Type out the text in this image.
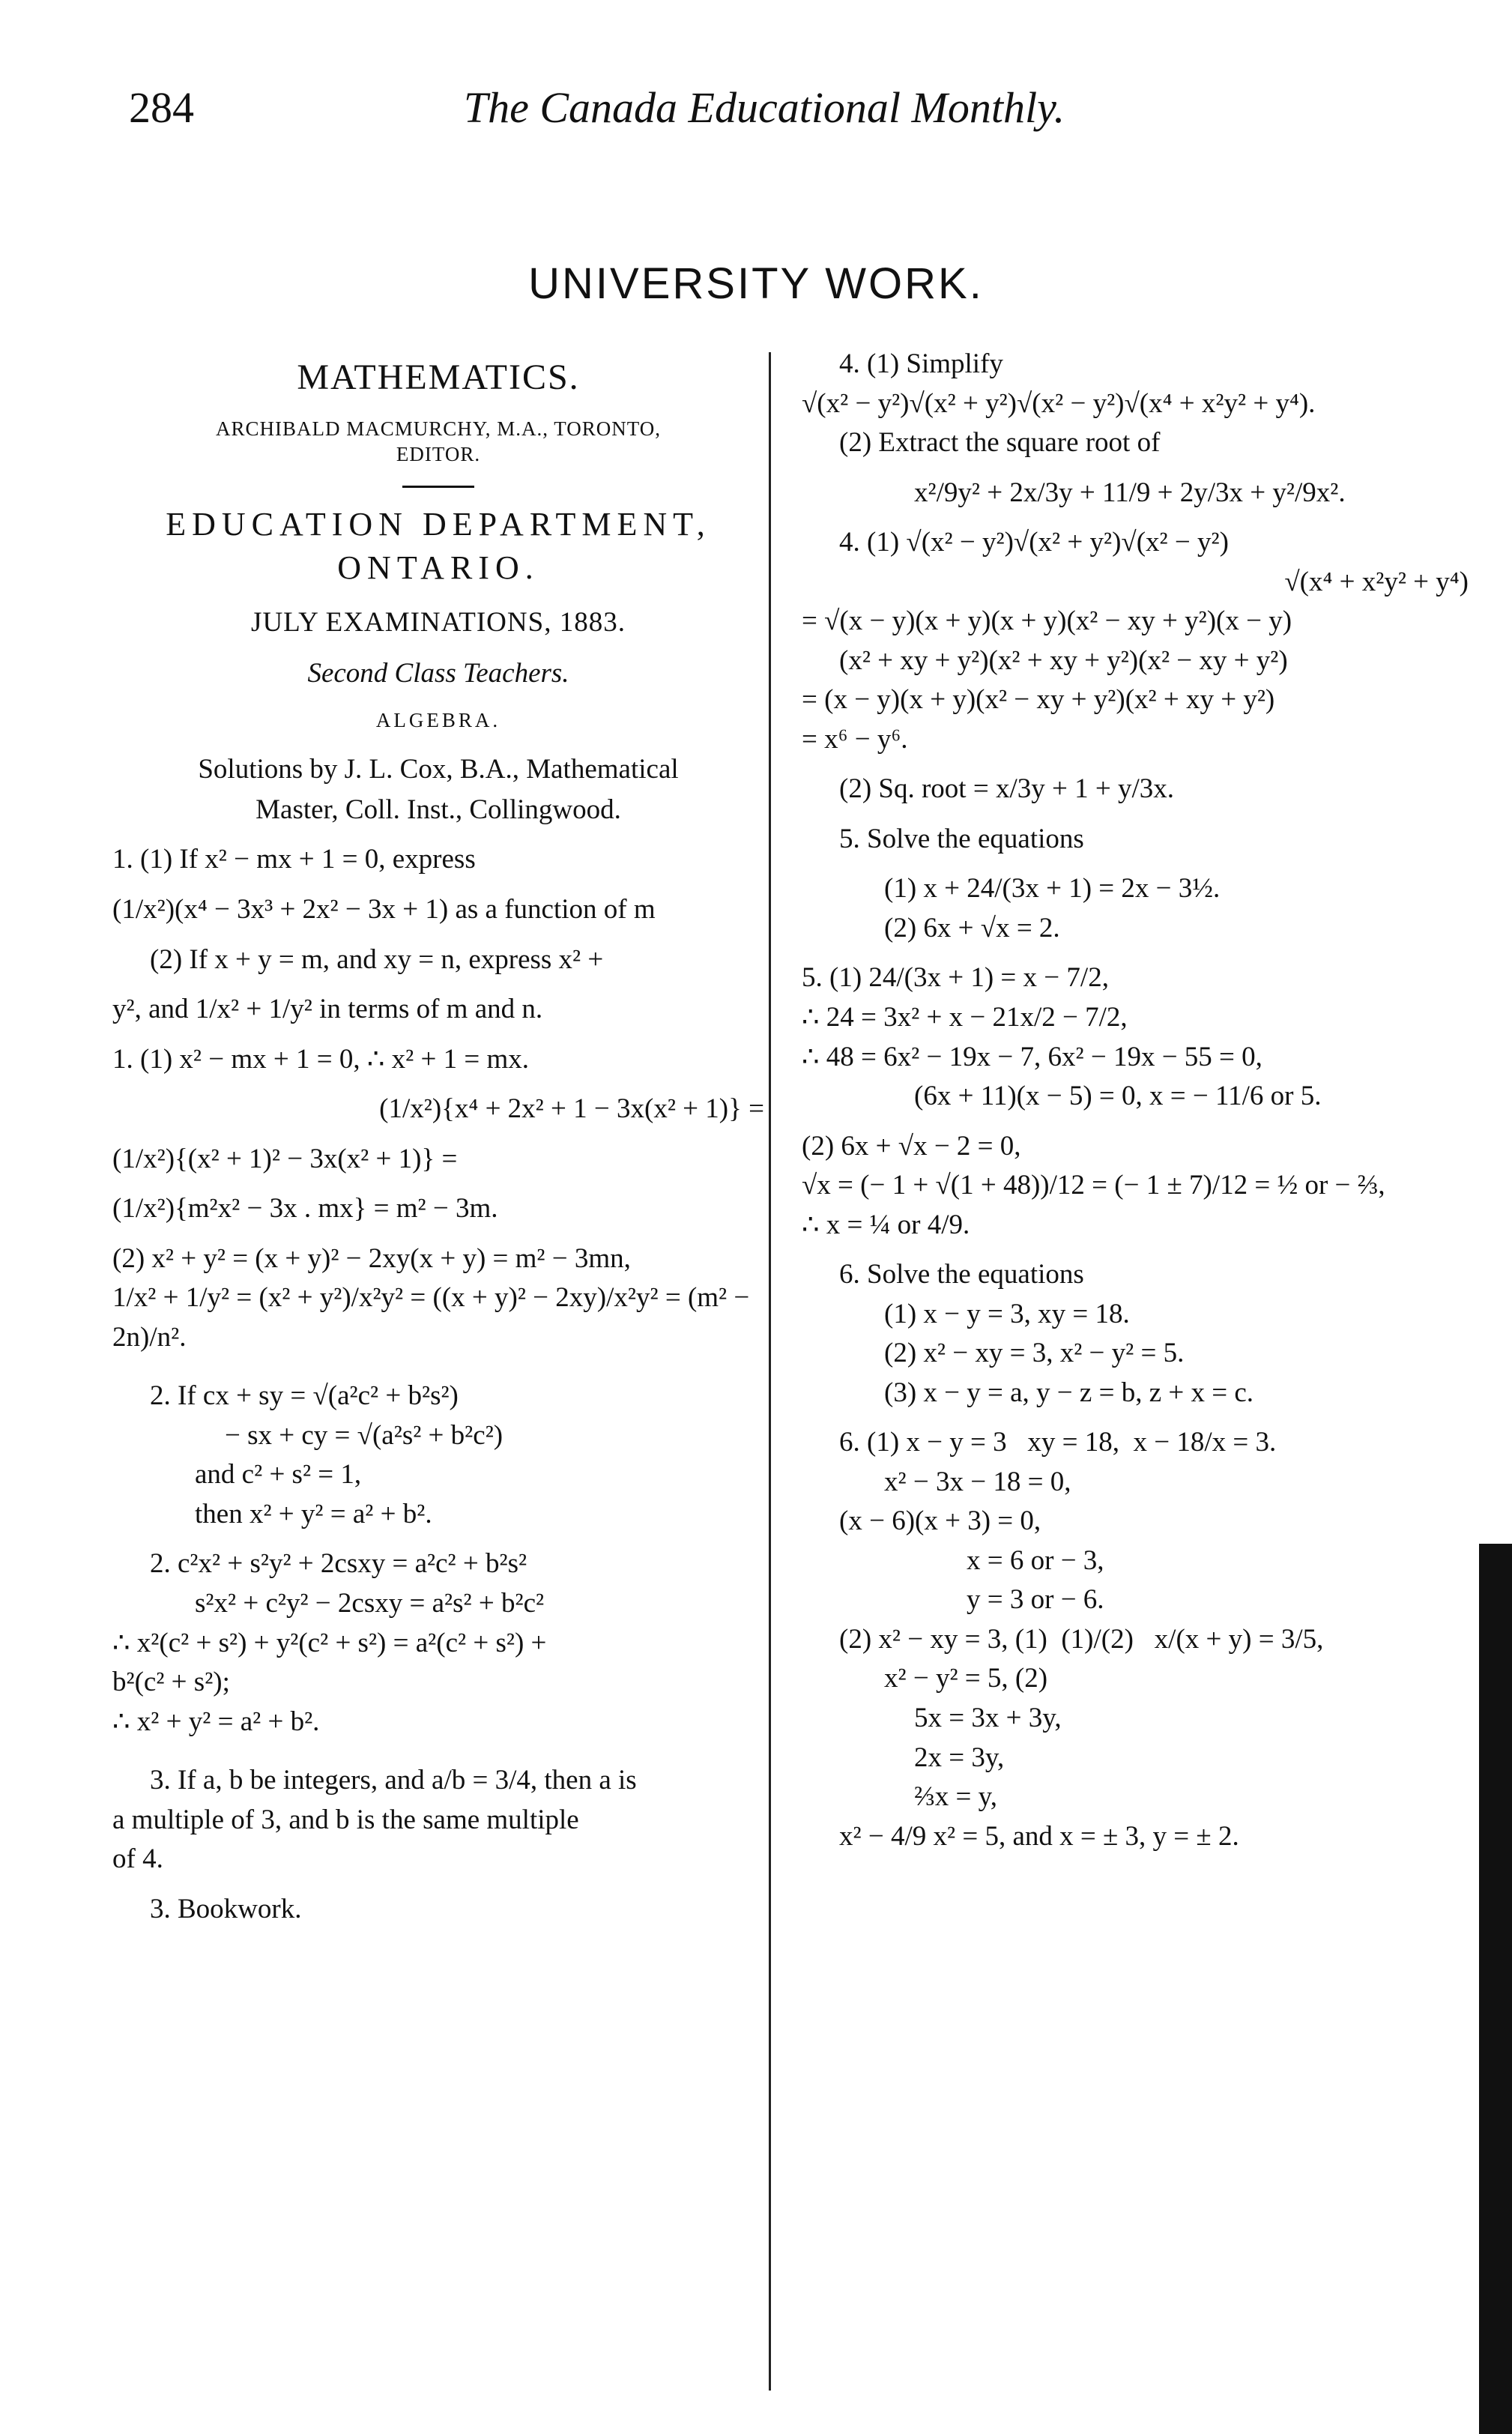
284	The Canada Educational Monthly.
UNIVERSITY WORK.
MATHEMATICS.
ARCHIBALD MACMURCHY, M.A., TORONTO,
EDITOR.
EDUCATION DEPARTMENT,
ONTARIO.
JULY EXAMINATIONS, 1883.
Second Class Teachers.
ALGEBRA.
Solutions by J. L. Cox, B.A., Mathematical
Master, Coll. Inst., Collingwood.
1. (1) If x² − mx + 1 = 0, express
(1/x²)(x⁴ − 3x³ + 2x² − 3x + 1) as a function of m
(2) If x + y = m, and xy = n, express x² +
y², and 1/x² + 1/y² in terms of m and n.
1. (1) x² − mx + 1 = 0, ∴ x² + 1 = mx.
(1/x²){x⁴ + 2x² + 1 − 3x(x² + 1)} =
(1/x²){(x² + 1)² − 3x(x² + 1)} =
(1/x²){m²x² − 3x . mx} = m² − 3m.
(2) x² + y² = (x + y)² − 2xy(x + y) = m² − 3mn,
1/x² + 1/y² = (x² + y²)/x²y² = ((x + y)² − 2xy)/x²y² = (m² − 2n)/n².
2. If cx + sy = √(a²c² + b²s²)
− sx + cy = √(a²s² + b²c²)
and c² + s² = 1,
then x² + y² = a² + b².
2. c²x² + s²y² + 2csxy = a²c² + b²s²
s²x² + c²y² − 2csxy = a²s² + b²c²
∴ x²(c² + s²) + y²(c² + s²) = a²(c² + s²) +
b²(c² + s²);
∴ x² + y² = a² + b².
3. If a, b be integers, and a/b = 3/4, then a is
a multiple of 3, and b is the same multiple
of 4.
3. Bookwork.
4. (1) Simplify
√(x² − y²)√(x² + y²)√(x² − y²)√(x⁴ + x²y² + y⁴).
(2) Extract the square root of
x²/9y² + 2x/3y + 11/9 + 2y/3x + y²/9x².
4. (1) √(x² − y²)√(x² + y²)√(x² − y²)
√(x⁴ + x²y² + y⁴)
= √(x − y)(x + y)(x + y)(x² − xy + y²)(x − y)
(x² + xy + y²)(x² + xy + y²)(x² − xy + y²)
= (x − y)(x + y)(x² − xy + y²)(x² + xy + y²)
= x⁶ − y⁶.
(2) Sq. root = x/3y + 1 + y/3x.
5. Solve the equations
(1) x + 24/(3x + 1) = 2x − 3½.
(2) 6x + √x = 2.
5. (1) 24/(3x + 1) = x − 7/2,
∴ 24 = 3x² + x − 21x/2 − 7/2,
∴ 48 = 6x² − 19x − 7, 6x² − 19x − 55 = 0,
(6x + 11)(x − 5) = 0, x = − 11/6 or 5.
(2) 6x + √x − 2 = 0,
√x = (− 1 + √(1 + 48))/12 = (− 1 ± 7)/12 = ½ or − ⅔,
∴ x = ¼ or 4/9.
6. Solve the equations
(1) x − y = 3, xy = 18.
(2) x² − xy = 3, x² − y² = 5.
(3) x − y = a, y − z = b, z + x = c.
6. (1) x − y = 3   xy = 18,  x − 18/x = 3.
x² − 3x − 18 = 0,
(x − 6)(x + 3) = 0,
x = 6 or − 3,
y = 3 or − 6.
(2) x² − xy = 3, (1)  (1)/(2)   x/(x + y) = 3/5,
x² − y² = 5, (2)
5x = 3x + 3y,
2x = 3y,
⅔x = y,
x² − 4/9 x² = 5, and x = ± 3, y = ± 2.
